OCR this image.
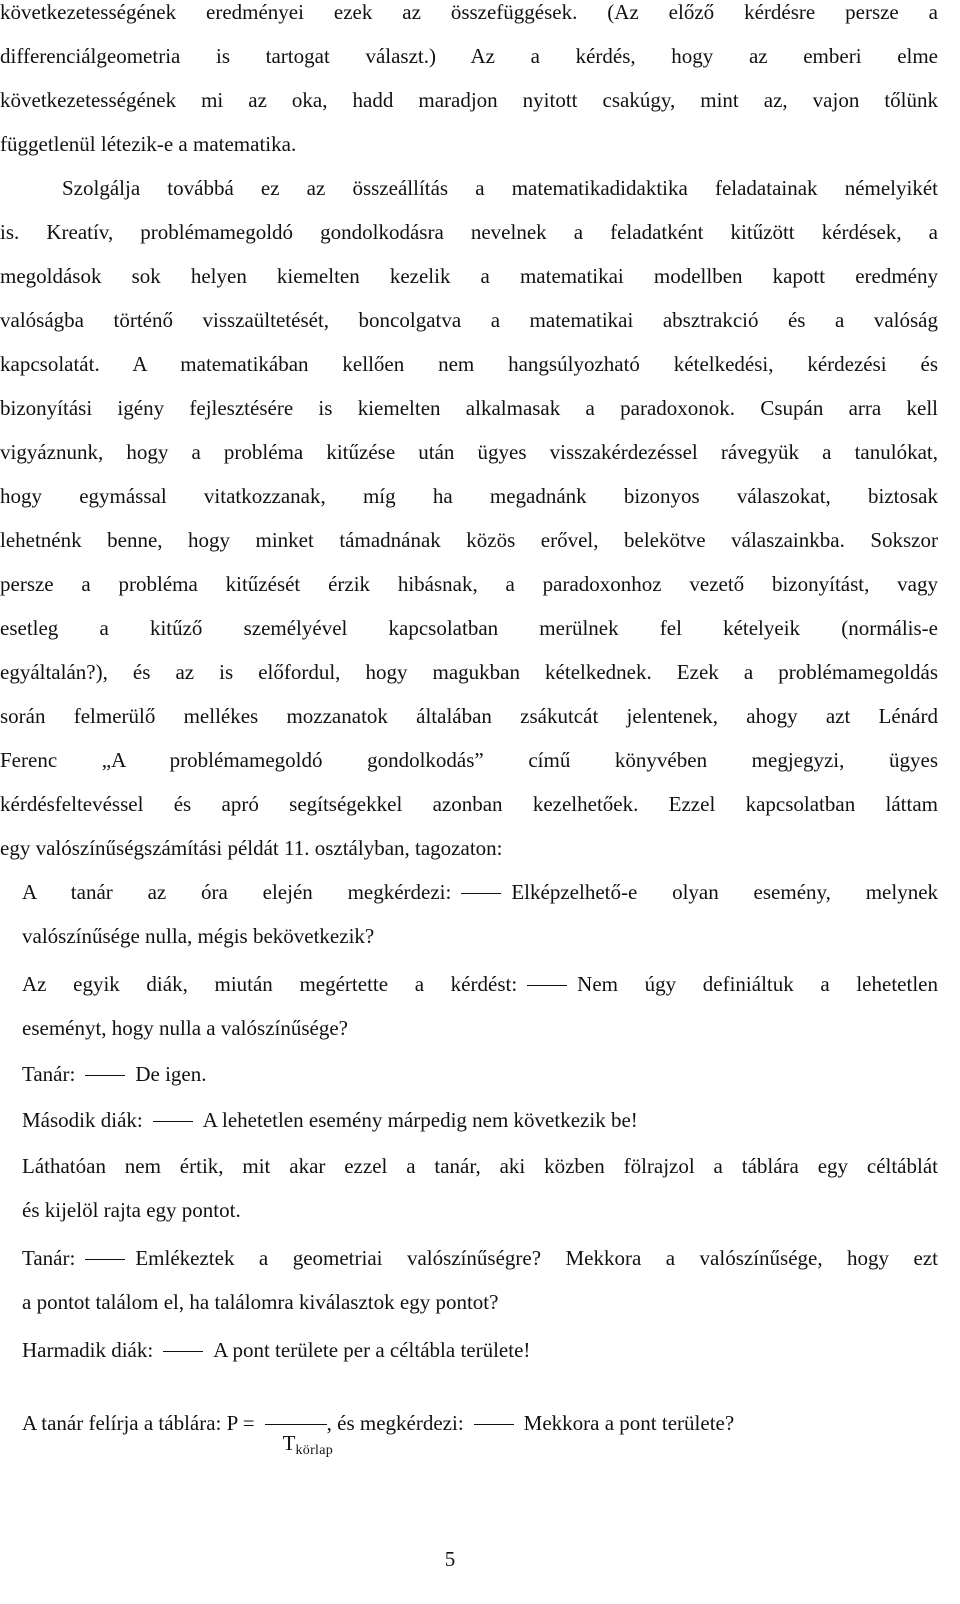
következetességének eredményei ezek az összefüggések. (Az előző kérdésre persze a
differenciálgeometria is tartogat választ.) Az a kérdés, hogy az emberi elme
következetességének mi az oka, hadd maradjon nyitott csakúgy, mint az, vajon tőlünk
függetlenül létezik-e a matematika.
Szolgálja továbbá ez az összeállítás a matematikadidaktika feladatainak némelyikét
is. Kreatív, problémamegoldó gondolkodásra nevelnek a feladatként kitűzött kérdések, a
megoldások sok helyen kiemelten kezelik a matematikai modellben kapott eredmény
valóságba történő visszaültetését, boncolgatva a matematikai absztrakció és a valóság
kapcsolatát. A matematikában kellően nem hangsúlyozható kételkedési, kérdezési és
bizonyítási igény fejlesztésére is kiemelten alkalmasak a paradoxonok. Csupán arra kell
vigyáznunk, hogy a probléma kitűzése után ügyes visszakérdezéssel rávegyük a tanulókat,
hogy egymással vitatkozzanak, míg ha megadnánk bizonyos válaszokat, biztosak
lehetnénk benne, hogy minket támadnának közös erővel, belekötve válaszainkba. Sokszor
persze a probléma kitűzését érzik hibásnak, a paradoxonhoz vezető bizonyítást, vagy
esetleg a kitűző személyével kapcsolatban merülnek fel kételyeik (normális-e
egyáltalán?), és az is előfordul, hogy magukban kételkednek. Ezek a problémamegoldás
során felmerülő mellékes mozzanatok általában zsákutcát jelentenek, ahogy azt Lénárd
Ferenc „A problémamegoldó gondolkodás” című könyvében megjegyzi, ügyes
kérdésfeltevéssel és apró segítségekkel azonban kezelhetőek. Ezzel kapcsolatban láttam
egy valószínűségszámítási példát 11. osztályban, tagozaton:
A tanár az óra elején megkérdezi:	Elképzelhető-e olyan esemény, melynek
valószínűsége nulla, mégis bekövetkezik?
Az egyik diák, miután megértette a kérdést:	Nem úgy definiáltuk a lehetetlen
eseményt, hogy nulla a valószínűsége?
Tanár:	De igen.
Második diák:	A lehetetlen esemény márpedig nem következik be!
Láthatóan nem értik, mit akar ezzel a tanár, aki közben fölrajzol a táblára egy céltáblát
és kijelöl rajta egy pontot.
Tanár:	Emlékeztek a geometriai valószínűségre? Mekkora a valószínűsége, hogy ezt
a pontot találom el, ha találomra kiválasztok egy pontot?
Harmadik diák:	A pont területe per a céltábla területe!
A tanár felírja a táblára: P =
Tkörlap
, és megkérdezi:	Mekkora a pont területe?
5
